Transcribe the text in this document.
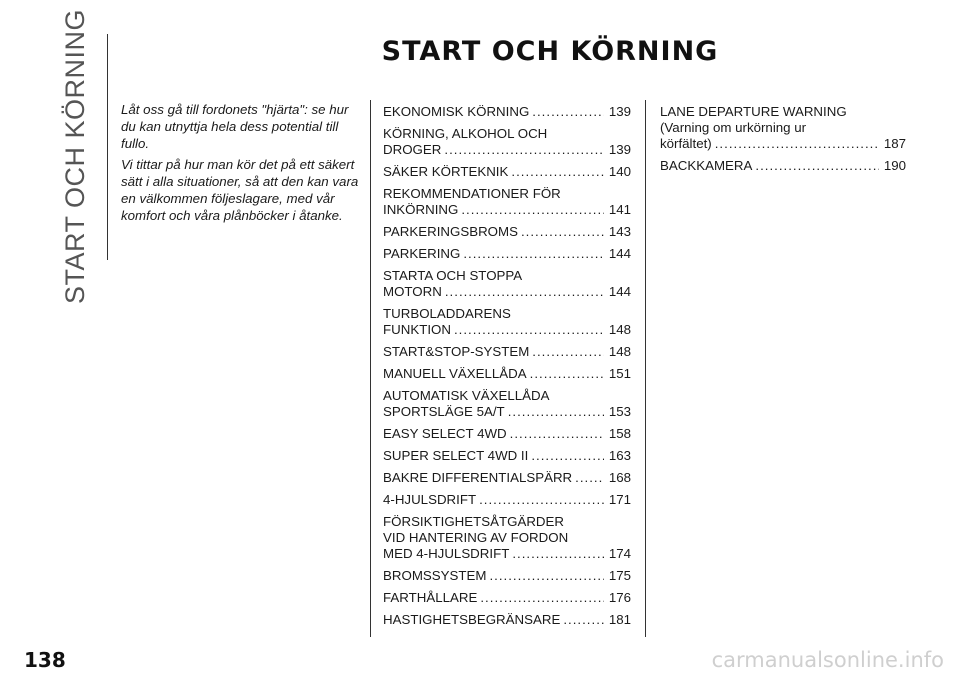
START OCH KÖRNING	START OCH KÖRNING

Låt oss gå till fordonets "hjärta": se hur du kan utnyttja hela dess potential till fullo.

Vi tittar på hur man kör det på ett säkert sätt i alla situationer, så att den kan vara en välkommen följeslagare, med vår komfort och våra plånböcker i åtanke.

EKONOMISK KÖRNING .....	139
KÖRNING, ALKOHOL OCH
DROGER .....	139
SÄKER KÖRTEKNIK .....	140
REKOMMENDATIONER FÖR
INKÖRNING .....	141
PARKERINGSBROMS .....	143
PARKERING .....	144
STARTA OCH STOPPA
MOTORN .....	144
TURBOLADDARENS
FUNKTION .....	148
START&STOP-SYSTEM .....	148
MANUELL VÄXELLÅDA .....	151
AUTOMATISK VÄXELLÅDA
SPORTSLÄGE 5A/T .....	153
EASY SELECT 4WD .....	158
SUPER SELECT 4WD II .....	163
BAKRE DIFFERENTIALSPÄRR .....	168
4-HJULSDRIFT .....	171
FÖRSIKTIGHETSÅTGÄRDER
VID HANTERING AV FORDON
MED 4-HJULSDRIFT .....	174
BROMSSYSTEM .....	175
FARTHÅLLARE .....	176
HASTIGHETSBEGRÄNSARE .....	181
LANE DEPARTURE WARNING
(Varning om urkörning ur
körfältet) .....	187
BACKKAMERA .....	190
138	carmanualsonline.info
